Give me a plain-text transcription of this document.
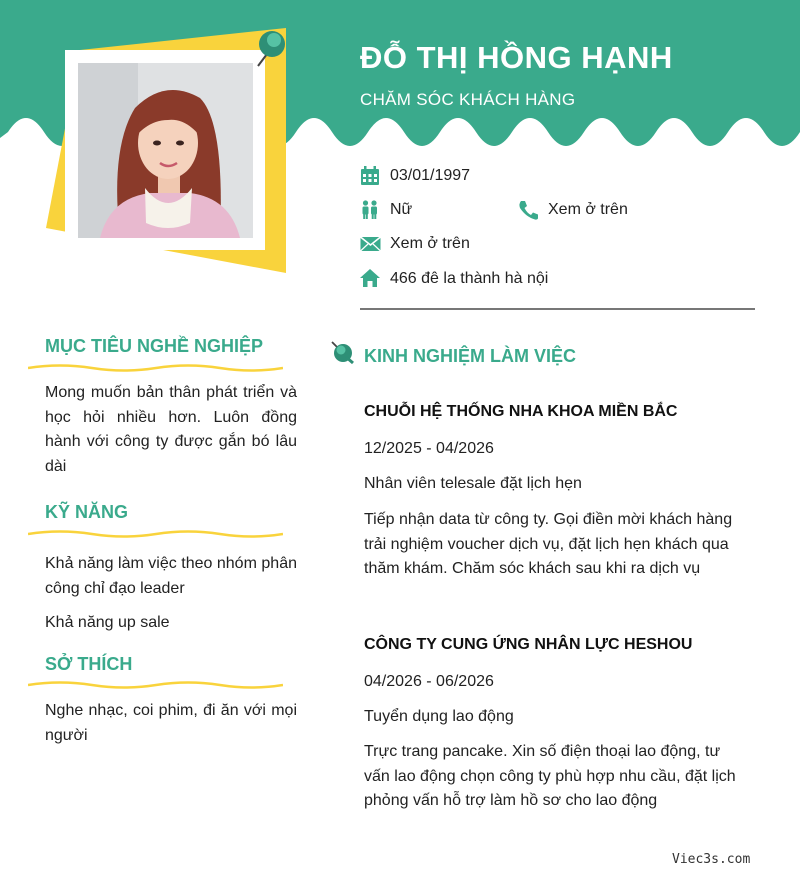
ĐỖ THỊ HỒNG HẠNH
CHĂM SÓC KHÁCH HÀNG
03/01/1997
Nữ	Xem ở trên
Xem ở trên
466 đê la thành hà nội
MỤC TIÊU NGHỀ NGHIỆP
Mong muốn bản thân phát triển và học hỏi nhiều hơn. Luôn đồng hành với công ty được gắn bó lâu dài
KỸ NĂNG
Khả năng làm việc theo nhóm phân công chỉ đạo leader
Khả năng up sale
SỞ THÍCH
Nghe nhạc, coi phim, đi ăn với mọi người
KINH NGHIỆM LÀM VIỆC
CHUỖI HỆ THỐNG NHA KHOA MIỀN BẮC
12/2025 - 04/2026
Nhân viên telesale đặt lịch hẹn
Tiếp nhận data từ công ty. Gọi điền mời khách hàng trải nghiệm voucher dịch vụ, đặt lịch hẹn khách qua thăm khám. Chăm sóc khách sau khi ra dịch vụ
CÔNG TY CUNG ỨNG NHÂN LỰC HESHOU
04/2026 - 06/2026
Tuyển dụng lao động
Trực trang pancake. Xin số điện thoại lao động, tư vấn lao động chọn công ty phù hợp nhu cầu, đặt lịch phỏng vấn hỗ trợ làm hồ sơ cho lao động
Viec3s.com
